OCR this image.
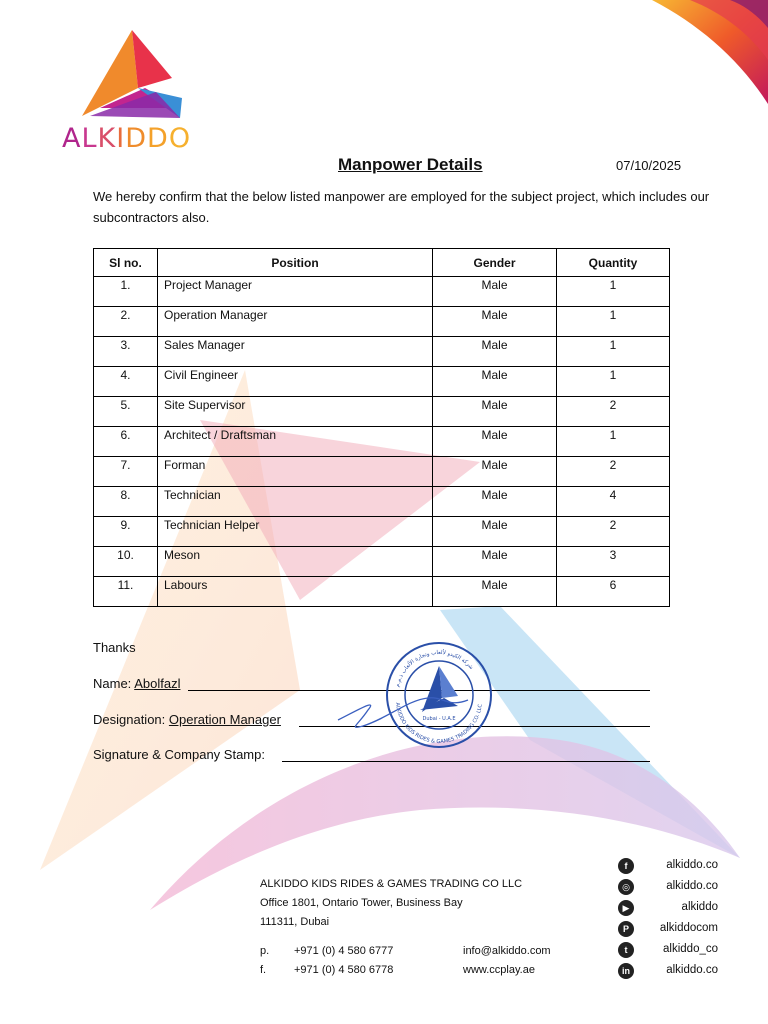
ALKIDDO
Manpower Details	07/10/2025
We hereby confirm that the below listed manpower are employed for the subject project, which includes our subcontractors also.
Sl no.	Position	Gender	Quantity
1.	Project Manager	Male	1
2.	Operation Manager	Male	1
3.	Sales Manager	Male	1
4.	Civil Engineer	Male	1
5.	Site Supervisor	Male	2
6.	Architect / Draftsman	Male	1
7.	Forman	Male	2
8.	Technician	Male	4
9.	Technician Helper	Male	2
10.	Meson	Male	3
11.	Labours	Male	6
Thanks
Name: Abolfazl
Designation: Operation Manager
Signature & Company Stamp:
Dubai - U.A.E
شركة الكيدو لألعاب وتجارة الألعاب ذ.م.م
ALKIDDO KIDS RIDES & GAMES TRADING CO. LLC
ALKIDDO KIDS RIDES & GAMES TRADING CO LLC
Office 1801, Ontario Tower, Business Bay
111311, Dubai
p. +971 (0) 4 580 6777
f.	+971 (0) 4 580 6778
info@alkiddo.com
www.ccplay.ae
f	alkiddo.co
◎	alkiddo.co
▶	alkiddo
P	alkiddocom
t	alkiddo_co
in	alkiddo.co
